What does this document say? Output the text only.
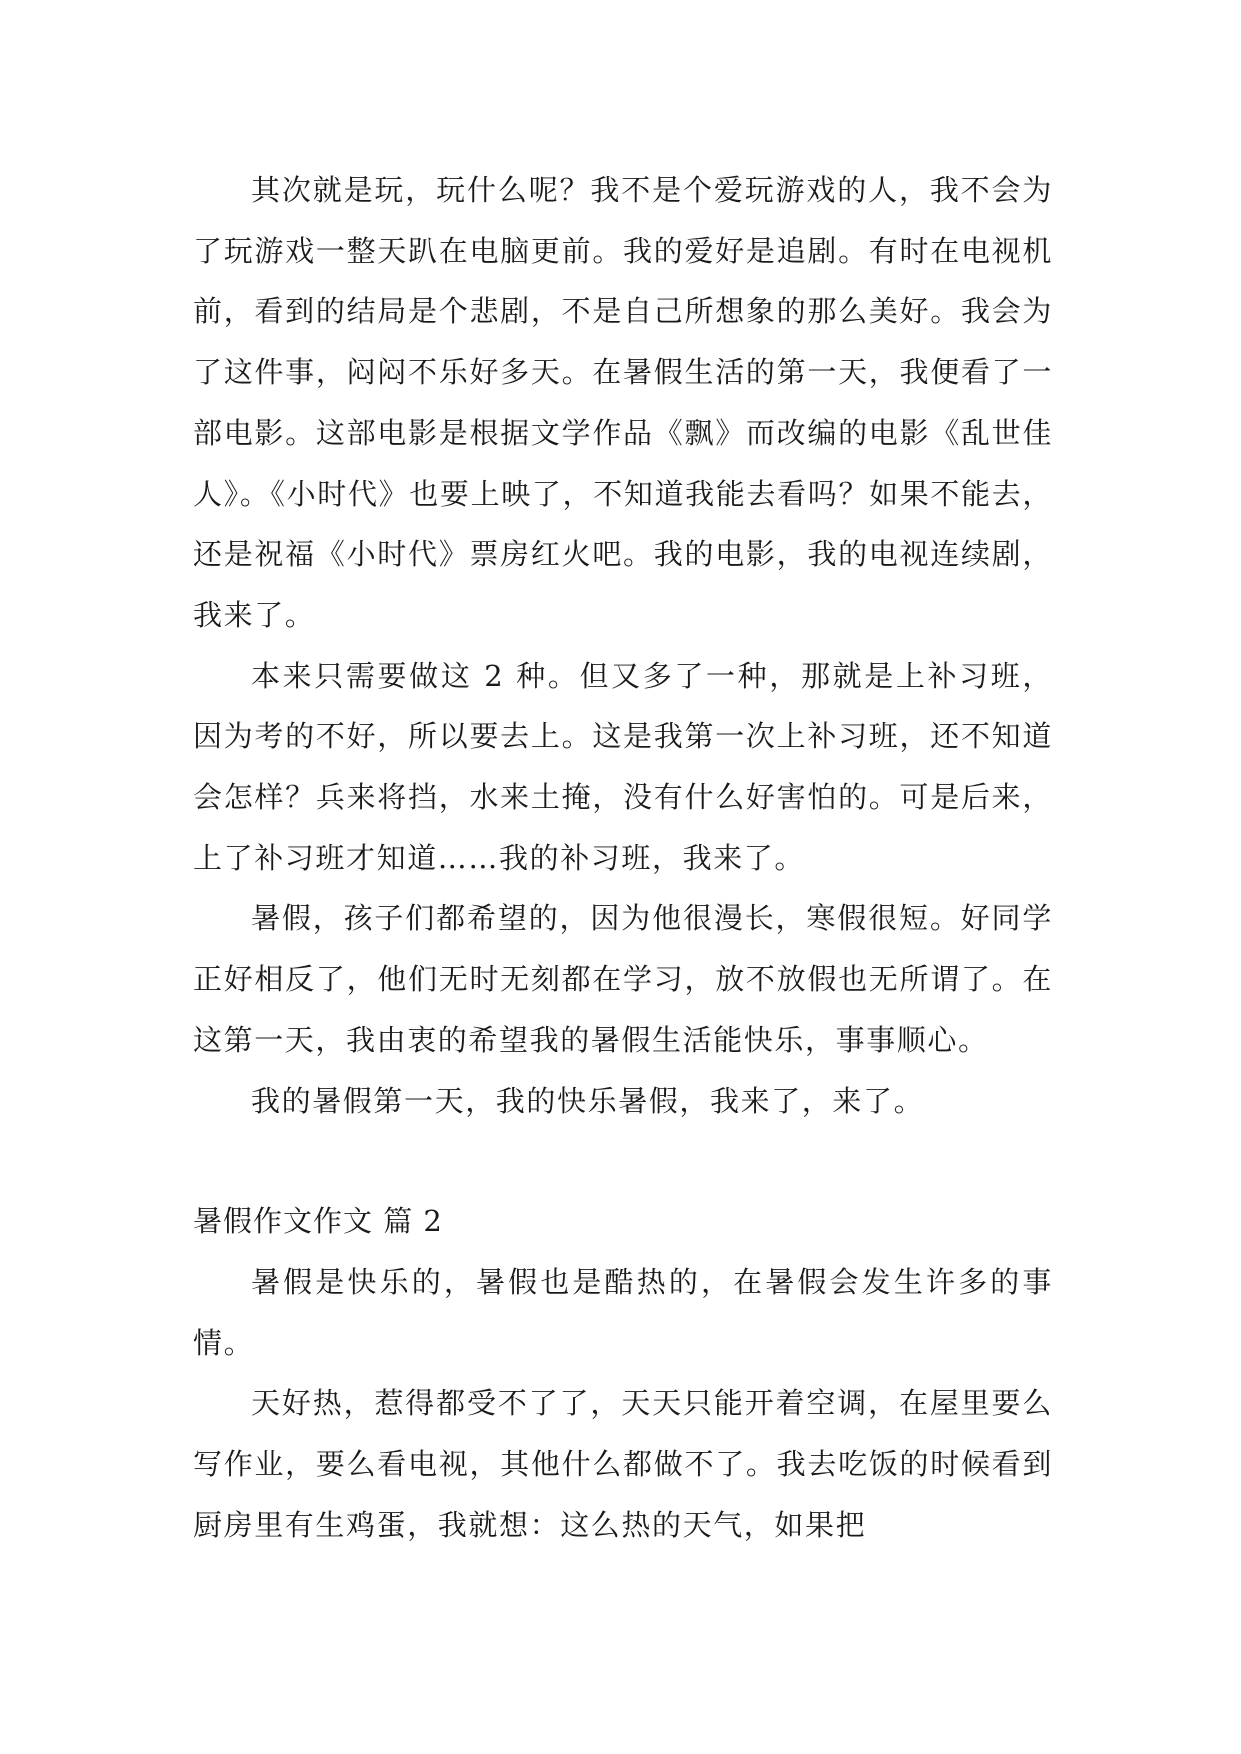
其次就是玩，玩什么呢？我不是个爱玩游戏的人，我不会为了玩游戏一整天趴在电脑更前。我的爱好是追剧。有时在电视机前，看到的结局是个悲剧，不是自己所想象的那么美好。我会为了这件事，闷闷不乐好多天。在暑假生活的第一天，我便看了一部电影。这部电影是根据文学作品《飘》而改编的电影《乱世佳人》。《小时代》也要上映了，不知道我能去看吗？如果不能去，还是祝福《小时代》票房红火吧。我的电影，我的电视连续剧，我来了。

本来只需要做这 2 种。但又多了一种，那就是上补习班，因为考的不好，所以要去上。这是我第一次上补习班，还不知道会怎样？兵来将挡，水来土掩，没有什么好害怕的。可是后来，上了补习班才知道……我的补习班，我来了。

暑假，孩子们都希望的，因为他很漫长，寒假很短。好同学正好相反了，他们无时无刻都在学习，放不放假也无所谓了。在这第一天，我由衷的希望我的暑假生活能快乐，事事顺心。

我的暑假第一天，我的快乐暑假，我来了，来了。

暑假作文作文 篇 2

暑假是快乐的，暑假也是酷热的，在暑假会发生许多的事情。

天好热，惹得都受不了了，天天只能开着空调，在屋里要么写作业，要么看电视，其他什么都做不了。我去吃饭的时候看到厨房里有生鸡蛋，我就想：这么热的天气，如果把
